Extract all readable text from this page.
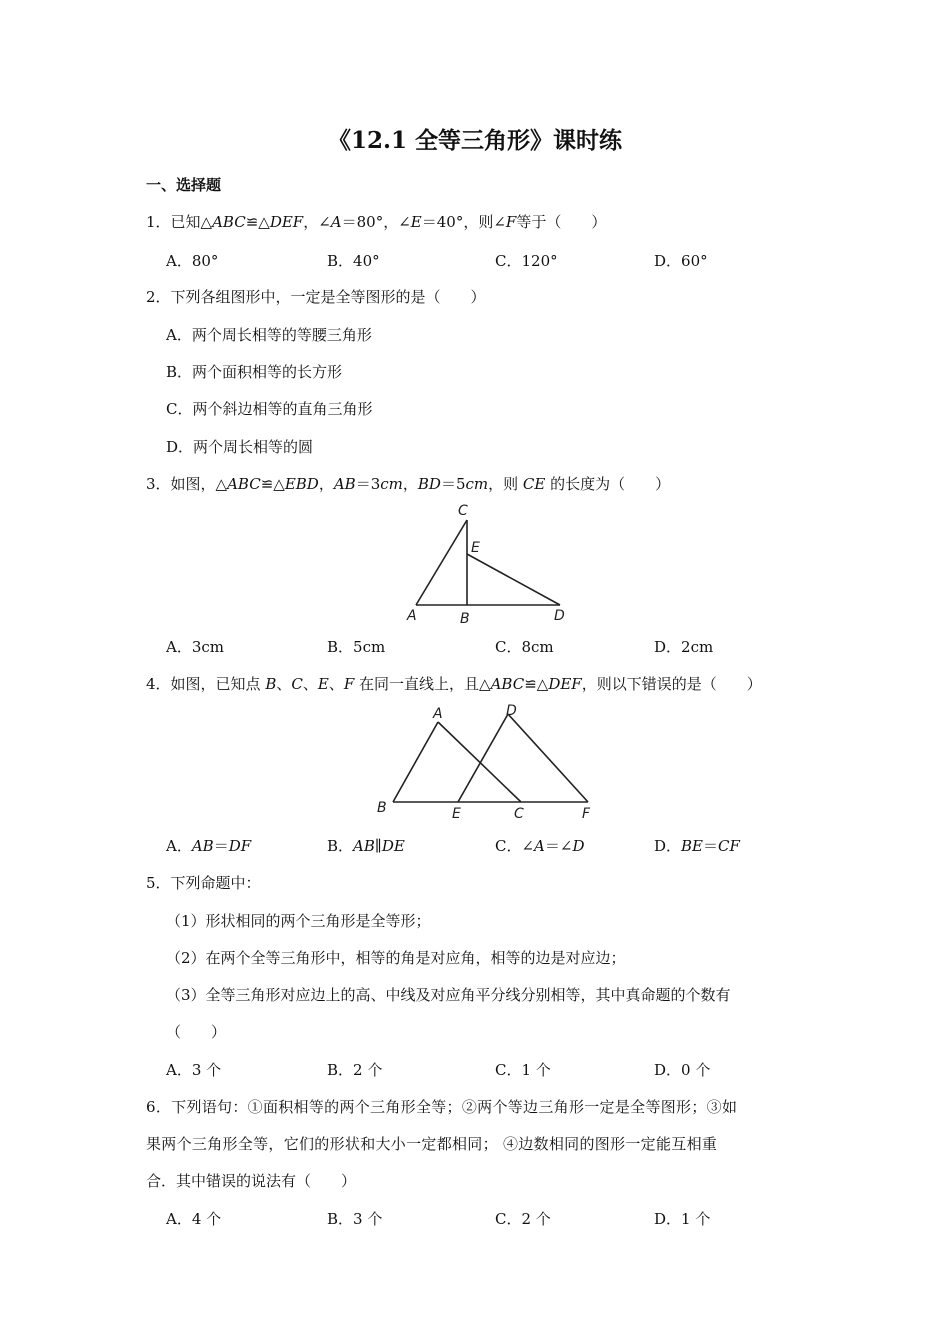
《12.1 全等三角形》课时练
一、选择题
1．已知△ABC≌△DEF，∠A＝80°，∠E＝40°，则∠F等于（　　）
A．80°	B．40°	C．120°	D．60°
2．下列各组图形中，一定是全等图形的是（　　）
A．两个周长相等的等腰三角形
B．两个面积相等的长方形
C．两个斜边相等的直角三角形
D．两个周长相等的圆
3．如图，△ABC≌△EBD，AB＝3cm，BD＝5cm，则 CE 的长度为（　　）
C
E
A	B	D
A．3cm	B．5cm	C．8cm	D．2cm
4．如图，已知点 B、C、E、F 在同一直线上，且△ABC≌△DEF，则以下错误的是（　　）
A	D
B	E	C	F
A．AB＝DF	B．AB∥DE	C．∠A＝∠D	D．BE＝CF
5．下列命题中：
（1）形状相同的两个三角形是全等形；
（2）在两个全等三角形中，相等的角是对应角，相等的边是对应边；
（3）全等三角形对应边上的高、中线及对应角平分线分别相等，其中真命题的个数有
（　　）
A．3 个	B．2 个	C．1 个	D．0 个
6．下列语句：①面积相等的两个三角形全等；②两个等边三角形一定是全等图形；③如
果两个三角形全等，它们的形状和大小一定都相同； ④边数相同的图形一定能互相重
合．其中错误的说法有（　　）
A．4 个	B．3 个	C．2 个	D．1 个
